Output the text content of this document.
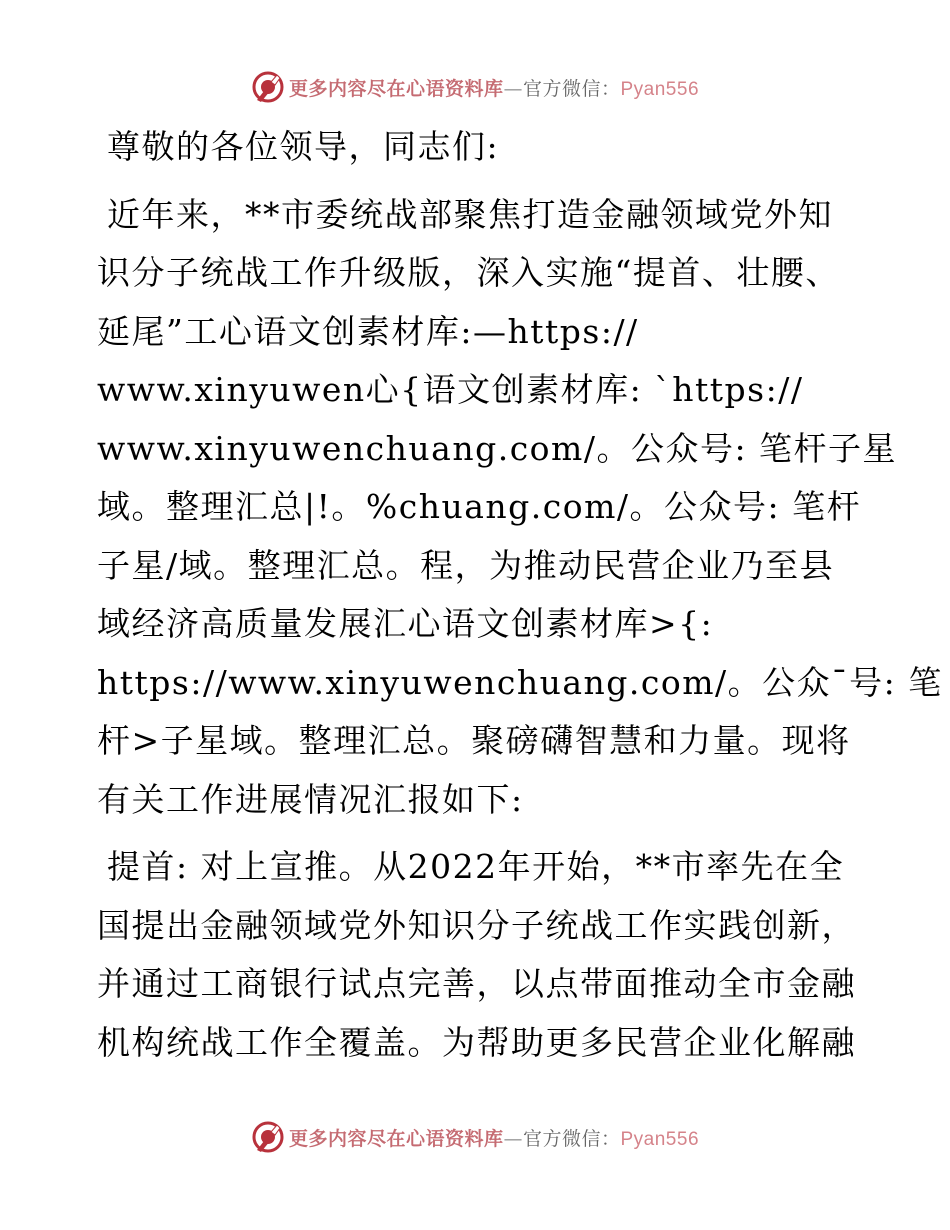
更多内容尽在心语资料库—官方微信：Pyan556

尊敬的各位领导，同志们:

近年来，**市委统战部聚焦打造金融领域党外知
识分子统战工作升级版，深入实施“提首、壮腰、
延尾”工心语文创素材库:—https://
www.xinyuwen心{语文创素材库: `https://
www.xinyuwenchuang.com/。公众号: 笔杆子星
域。整理汇总|!。%chuang.com/。公众号: 笔杆
子星/域。整理汇总。程，为推动民营企业乃至县
域经济高质量发展汇心语文创素材库>{:
https://www.xinyuwenchuang.com/。公众¯号: 笔
杆>子星域。整理汇总。聚磅礴智慧和力量。现将
有关工作进展情况汇报如下:

提首: 对上宣推。从2022年开始，**市率先在全
国提出金融领域党外知识分子统战工作实践创新，
并通过工商银行试点完善，以点带面推动全市金融
机构统战工作全覆盖。为帮助更多民营企业化解融

更多内容尽在心语资料库—官方微信：Pyan556
